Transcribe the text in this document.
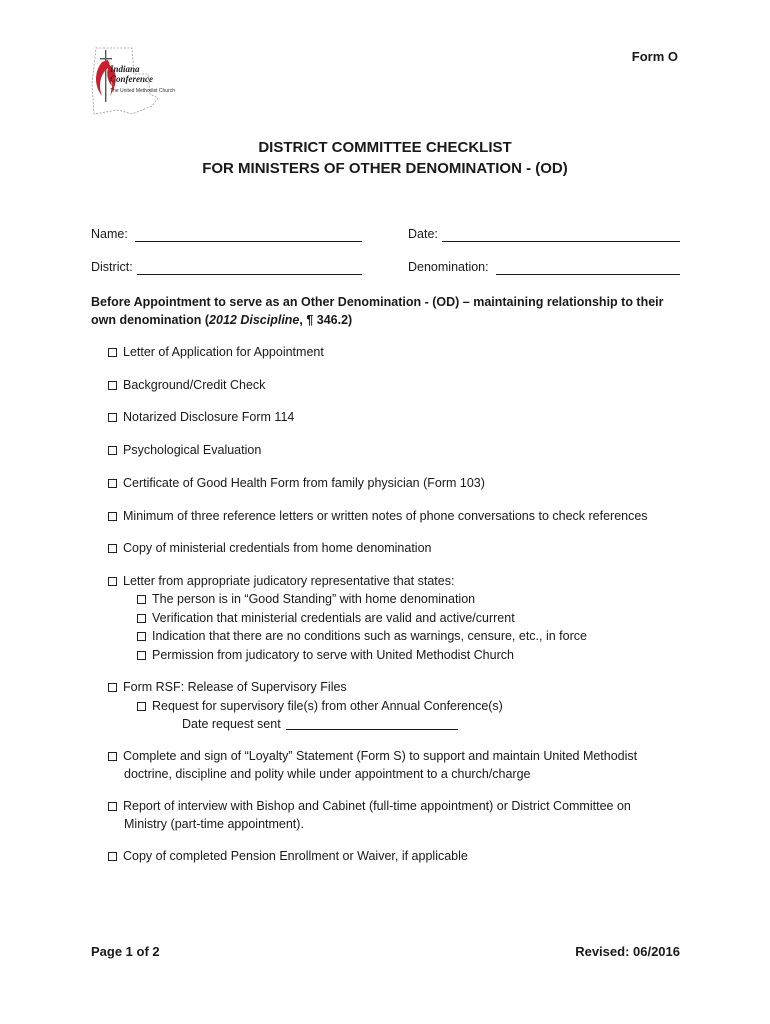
Indiana
Conference
The United Methodist Church
Form O
DISTRICT COMMITTEE CHECKLIST
FOR MINISTERS OF OTHER DENOMINATION - (OD)
Name:	Date:
District:	Denomination:
Before Appointment to serve as an Other Denomination - (OD) – maintaining relationship to their own denomination (2012 Discipline, ¶ 346.2)
Letter of Application for Appointment
Background/Credit Check
Notarized Disclosure Form 114
Psychological Evaluation
Certificate of Good Health Form from family physician (Form 103)
Minimum of three reference letters or written notes of phone conversations to check references
Copy of ministerial credentials from home denomination
Letter from appropriate judicatory representative that states:
The person is in “Good Standing” with home denomination
Verification that ministerial credentials are valid and active/current
Indication that there are no conditions such as warnings, censure, etc., in force
Permission from judicatory to serve with United Methodist Church
Form RSF: Release of Supervisory Files
Request for supervisory file(s) from other Annual Conference(s)
Date request sent
Complete and sign of “Loyalty” Statement (Form S) to support and maintain United Methodist
doctrine, discipline and polity while under appointment to a church/charge
Report of interview with Bishop and Cabinet (full-time appointment) or District Committee on
Ministry (part-time appointment).
Copy of completed Pension Enrollment or Waiver, if applicable
Page 1 of 2	Revised: 06/2016
